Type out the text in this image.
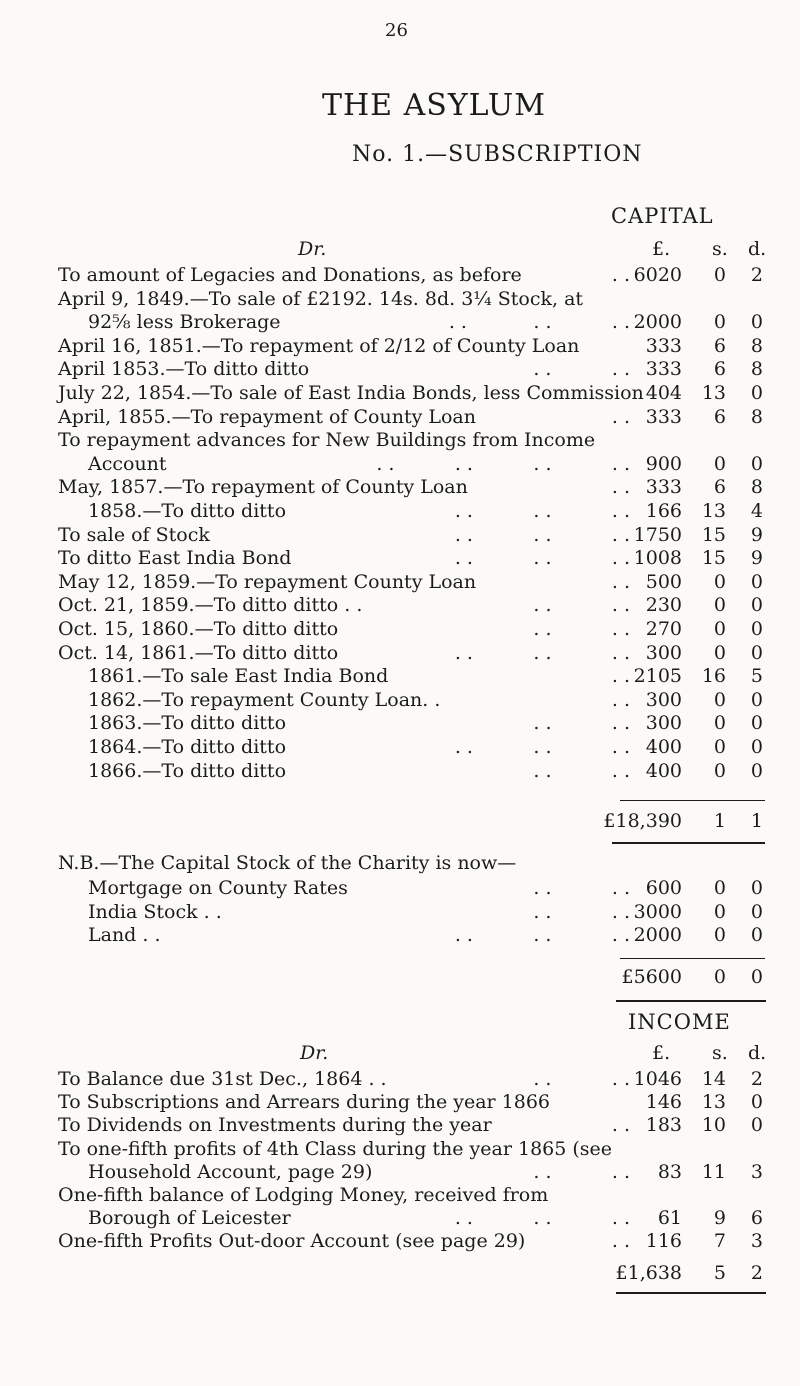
26
THE ASYLUM
No. 1.—SUBSCRIPTION
CAPITAL
Dr.	£. s. d.
To amount of Legacies and Donations, as before	. . 6020 0 2
April 9, 1849.—To sale of £2192. 14s. 8d. 3¼ Stock, at
92⅝ less Brokerage	. .           . .          . . 2000 0 0
April 16, 1851.—To repayment of 2/12 of County Loan	333 6 8
April 1853.—To ditto ditto	. .          . . 333 6 8
July 22, 1854.—To sale of East India Bonds, less Commission 404 13 0
April, 1855.—To repayment of County Loan	. . 333 6 8
To repayment advances for New Buildings from Income
Account	. .          . .          . .          . . 900 0 0
May, 1857.—To repayment of County Loan	. . 333 6 8
1858.—To ditto ditto	. .          . .          . . 166 13 4
To sale of Stock	. .          . .          . . 1750 15 9
To ditto East India Bond	. .          . .          . . 1008 15 9
May 12, 1859.—To repayment County Loan	. . 500 0 0
Oct. 21, 1859.—To ditto ditto . .	. .          . . 230 0 0
Oct. 15, 1860.—To ditto ditto	. .          . . 270 0 0
Oct. 14, 1861.—To ditto ditto	. .          . .          . . 300 0 0
1861.—To sale East India Bond	. . 2105 16 5
1862.—To repayment County Loan. .	. . 300 0 0
1863.—To ditto ditto	. .          . . 300 0 0
1864.—To ditto ditto	. .          . .          . . 400 0 0
1866.—To ditto ditto	. .          . . 400 0 0
£18,390 1 1
N.B.—The Capital Stock of the Charity is now—
Mortgage on County Rates	. .          . . 600 0 0
India Stock . .	. .          . . 3000 0 0
Land . .	. .          . .          . . 2000 0 0
£5600 0 0
INCOME
Dr.	£. s. d.
To Balance due 31st Dec., 1864 . .	. .          . . 1046 14 2
To Subscriptions and Arrears during the year 1866	146 13 0
To Dividends on Investments during the year	. . 183 10 0
To one-fifth profits of 4th Class during the year 1865 (see
Household Account, page 29)	. .          . . 83 11 3
One-fifth balance of Lodging Money, received from
Borough of Leicester	. .          . .          . . 61 9 6
One-fifth Profits Out-door Account (see page 29)	. . 116 7 3
£1,638 5 2
